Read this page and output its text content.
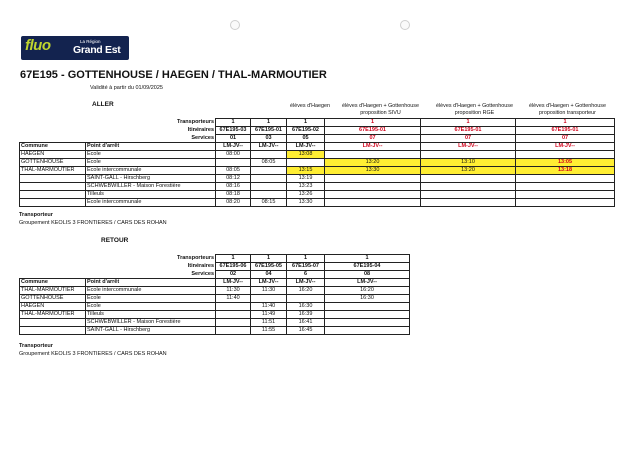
fluo	La Région
Grand Est
67E195 - GOTTENHOUSE / HAEGEN / THAL-MARMOUTIER
Validité à partir du 01/09/2025
ALLER	élèves d'Haegen	élèves d'Haegen + Gottenhouse proposition SIVU
élèves d'Haegen + Gottenhouse proposition RGE
élèves d'Haegen + Gottenhouse proposition transporteur
Transporteurs		1	1	1	1	1	1
Itinéraires		67E195-03	67E195-01	67E195-02	67E195-01	67E195-01	67E195-01
Services		01	03	05	07	07	07
Commune	Point d'arrêt	LM-JV--	LM-JV--	LM-JV--	LM-JV--	LM-JV--	LM-JV--
HAEGEN	Ecole	08:00		13:08			
GOTTENHOUSE	Ecole		08:05		13:20	13:10	13:05
THAL-MARMOUTIER	Ecole intercommunale	08:05		13:15	13:30	13:20	13:18
	SAINT-GALL - Hirschberg	08:12		13:19			
	SCHWEBWILLER - Maison Forestière	08:16		13:23			
	Tilleuls	08:18		13:26			
	Ecole intercommunale	08:20	08:15	13:30			
Transporteur
Groupement KEOLIS 3 FRONTIERES / CARS DES ROHAN
RETOUR
Transporteurs		1	1	1	1
Itinéraires		67E195-06	67E195-05	67E195-07	67E195-04
Services		02	04	6	08
Commune	Point d'arrêt	LM-JV--	LM-JV--	LM-JV--	LM-JV--
THAL-MARMOUTIER	Ecole intercommunale	11:30	11:30	16:20	16:20
GOTTENHOUSE	Ecole	11:40			16:30
HAEGEN	Ecole		11:40	16:30	
THAL-MARMOUTIER	Tilleuls		11:49	16:39	
	SCHWEBWILLER - Maison Forestière		11:51	16:41	
	SAINT-GALL - Hirschberg		11:55	16:45	
Transporteur
Groupement KEOLIS 3 FRONTIERES / CARS DES ROHAN
